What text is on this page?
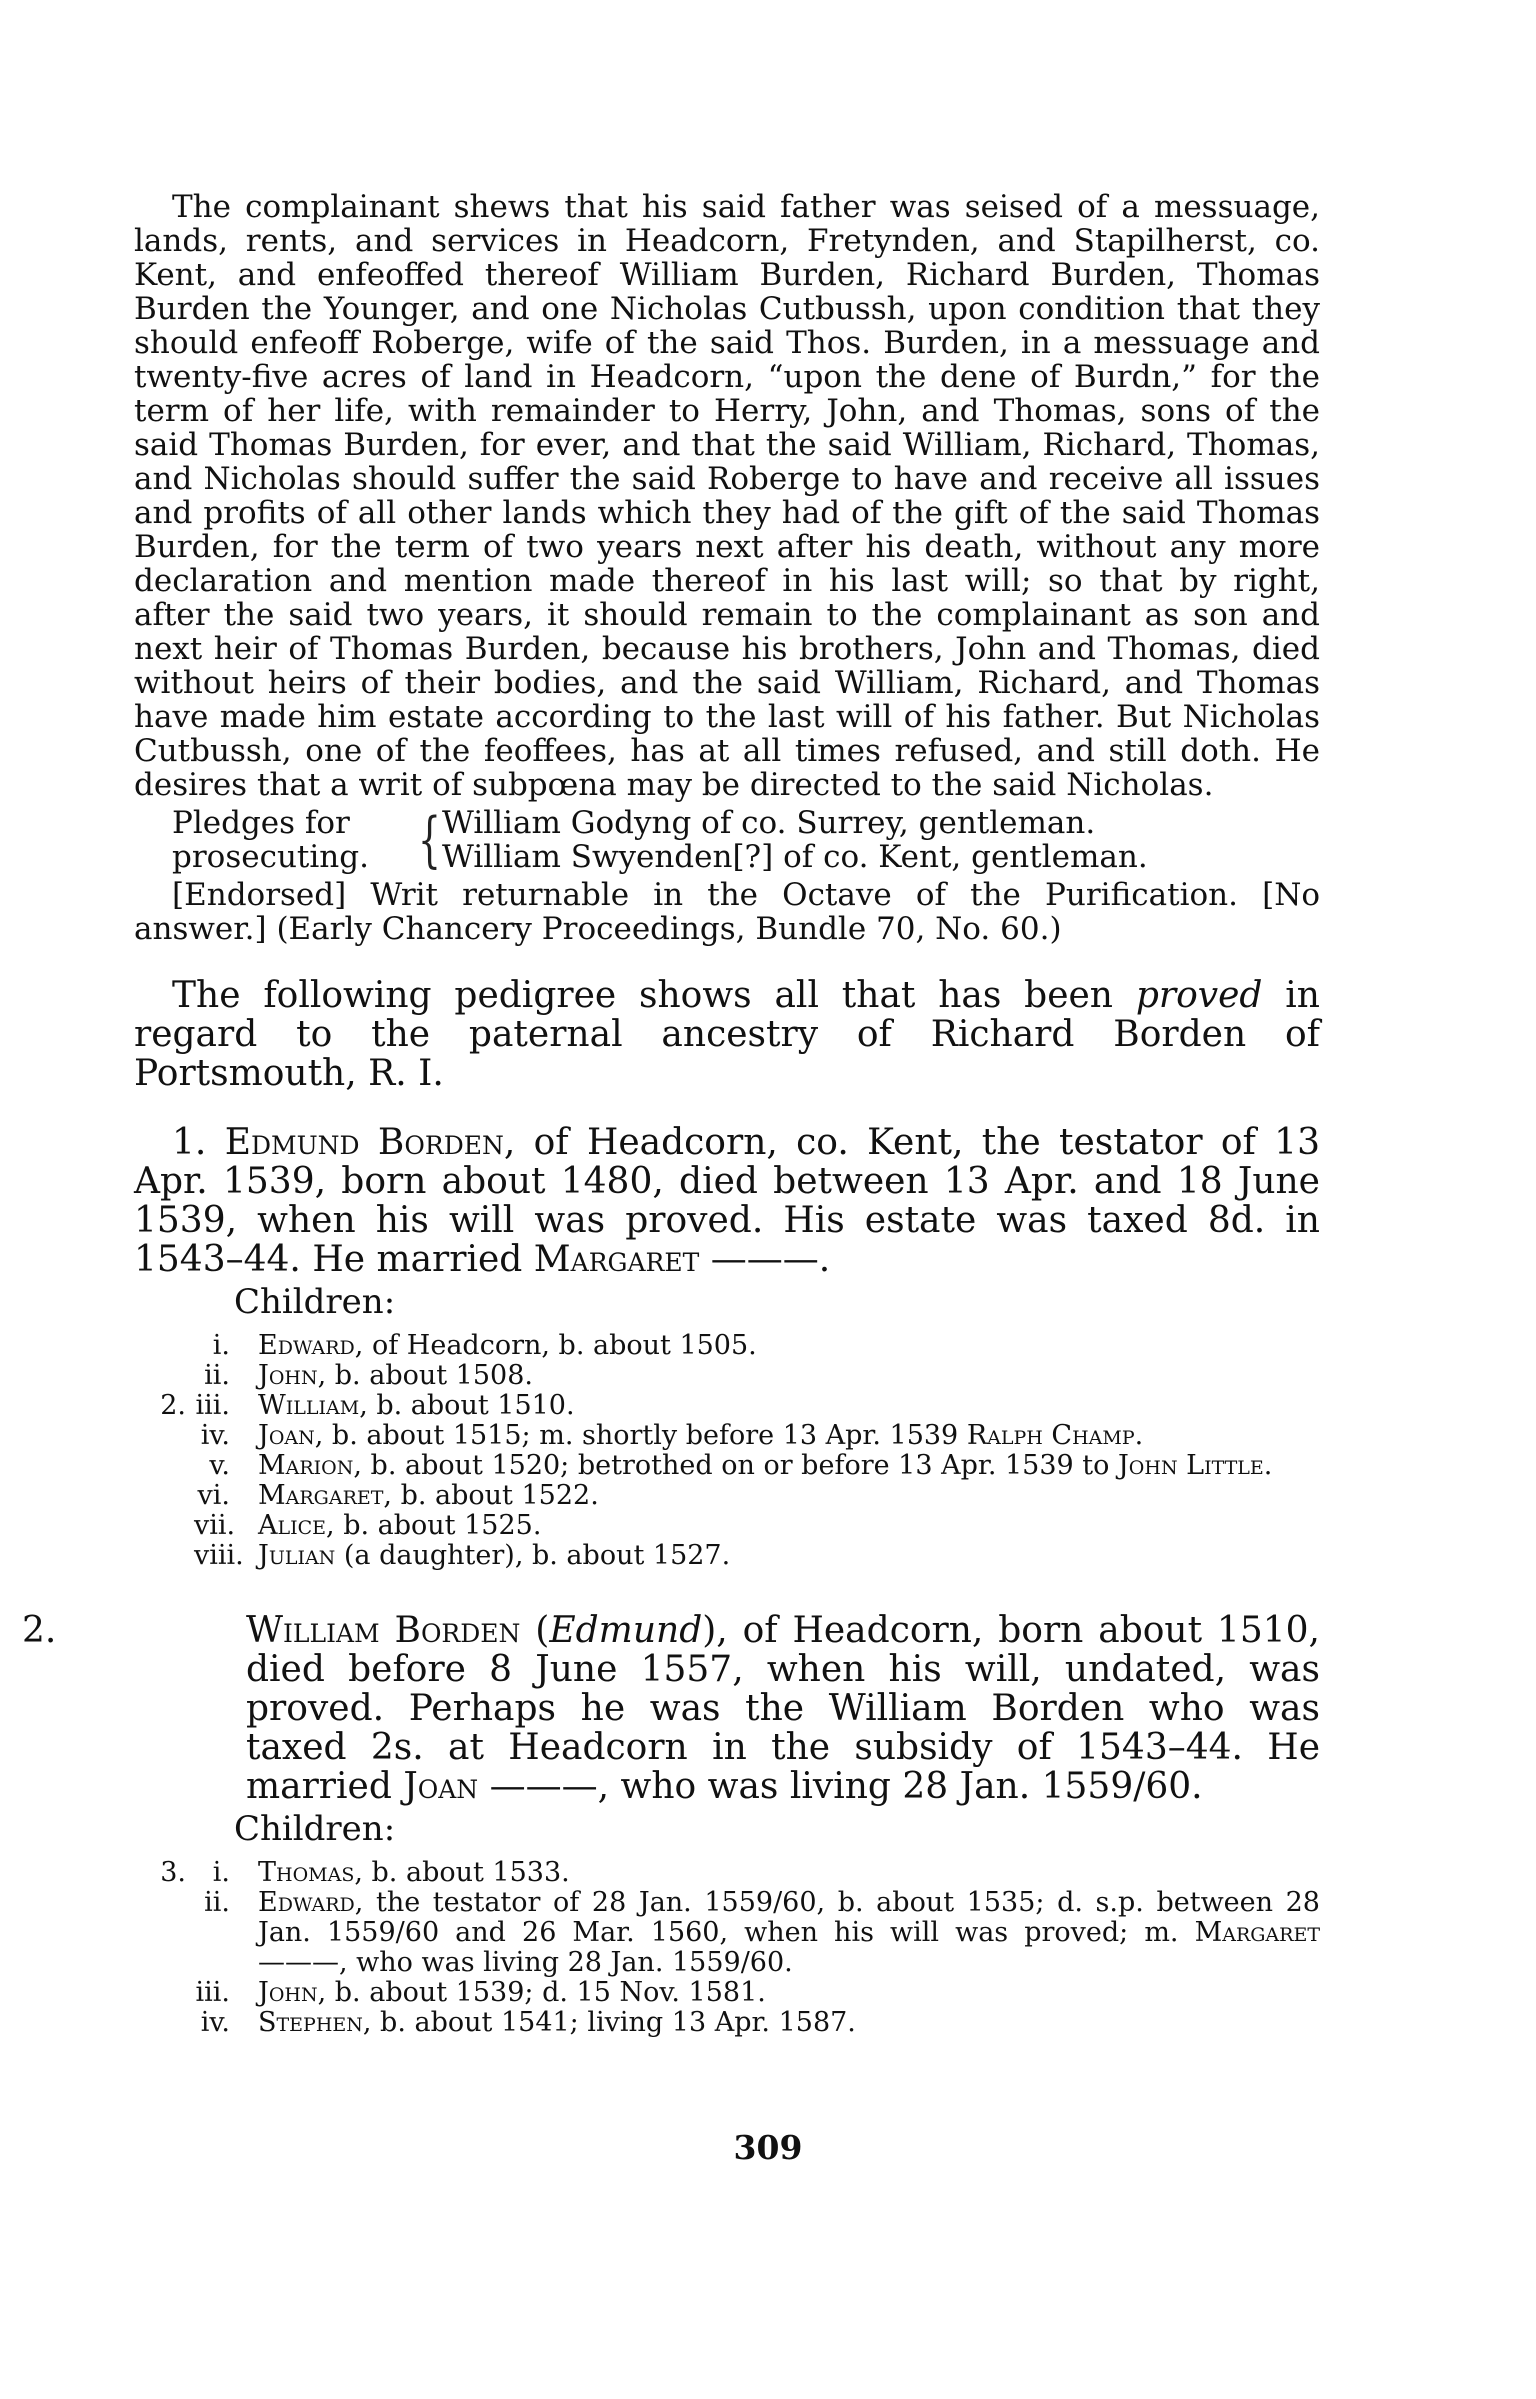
The complainant shews that his said father was seised of a messuage, lands, rents, and services in Headcorn, Fretynden, and Stapilherst, co. Kent, and enfeoffed thereof William Burden, Richard Burden, Thomas Burden the Younger, and one Nicholas Cutbussh, upon condition that they should enfeoff Roberge, wife of the said Thos. Burden, in a messuage and twenty-five acres of land in Headcorn, “upon the dene of Burdn,” for the term of her life, with remainder to Herry, John, and Thomas, sons of the said Thomas Burden, for ever, and that the said William, Richard, Thomas, and Nicholas should suffer the said Roberge to have and receive all issues and profits of all other lands which they had of the gift of the said Thomas Burden, for the term of two years next after his death, without any more declaration and mention made thereof in his last will; so that by right, after the said two years, it should remain to the complainant as son and next heir of Thomas Burden, because his brothers, John and Thomas, died without heirs of their bodies, and the said William, Richard, and Thomas have made him estate according to the last will of his father. But Nicholas Cutbussh, one of the feoffees, has at all times refused, and still doth. He desires that a writ of subpœna may be directed to the said Nicholas.

Pledges for
prosecuting. { William Godyng of co. Surrey, gentleman.
William Swyenden[?] of co. Kent, gentleman.

[Endorsed] Writ returnable in the Octave of the Purification. [No answer.] (Early Chancery Proceedings, Bundle 70, No. 60.)

The following pedigree shows all that has been proved in regard to the paternal ancestry of Richard Borden of Portsmouth, R. I.

1. Edmund Borden, of Headcorn, co. Kent, the testator of 13 Apr. 1539, born about 1480, died between 13 Apr. and 18 June 1539, when his will was proved. His estate was taxed 8d. in 1543–44. He married Margaret ———.

Children:
i.	Edward, of Headcorn, b. about 1505.
ii.	John, b. about 1508.
2. iii.	William, b. about 1510.
iv.	Joan, b. about 1515; m. shortly before 13 Apr. 1539 Ralph Champ.
v.	Marion, b. about 1520; betrothed on or before 13 Apr. 1539 to John Little.
vi.	Margaret, b. about 1522.
vii. Alice, b. about 1525.
viii. Julian (a daughter), b. about 1527.

2.	William Borden (Edmund), of Headcorn, born about 1510, died before 8 June 1557, when his will, undated, was proved. Perhaps he was the William Borden who was taxed 2s. at Headcorn in the subsidy of 1543–44. He married Joan ———, who was living 28 Jan. 1559/60.

Children:
3. i.	Thomas, b. about 1533.
ii.	Edward, the testator of 28 Jan. 1559/60, b. about 1535; d. s.p. between 28 Jan. 1559/60 and 26 Mar. 1560, when his will was proved; m. Margaret ———, who was living 28 Jan. 1559/60.
iii.	John, b. about 1539; d. 15 Nov. 1581.
iv.	Stephen, b. about 1541; living 13 Apr. 1587.
309
